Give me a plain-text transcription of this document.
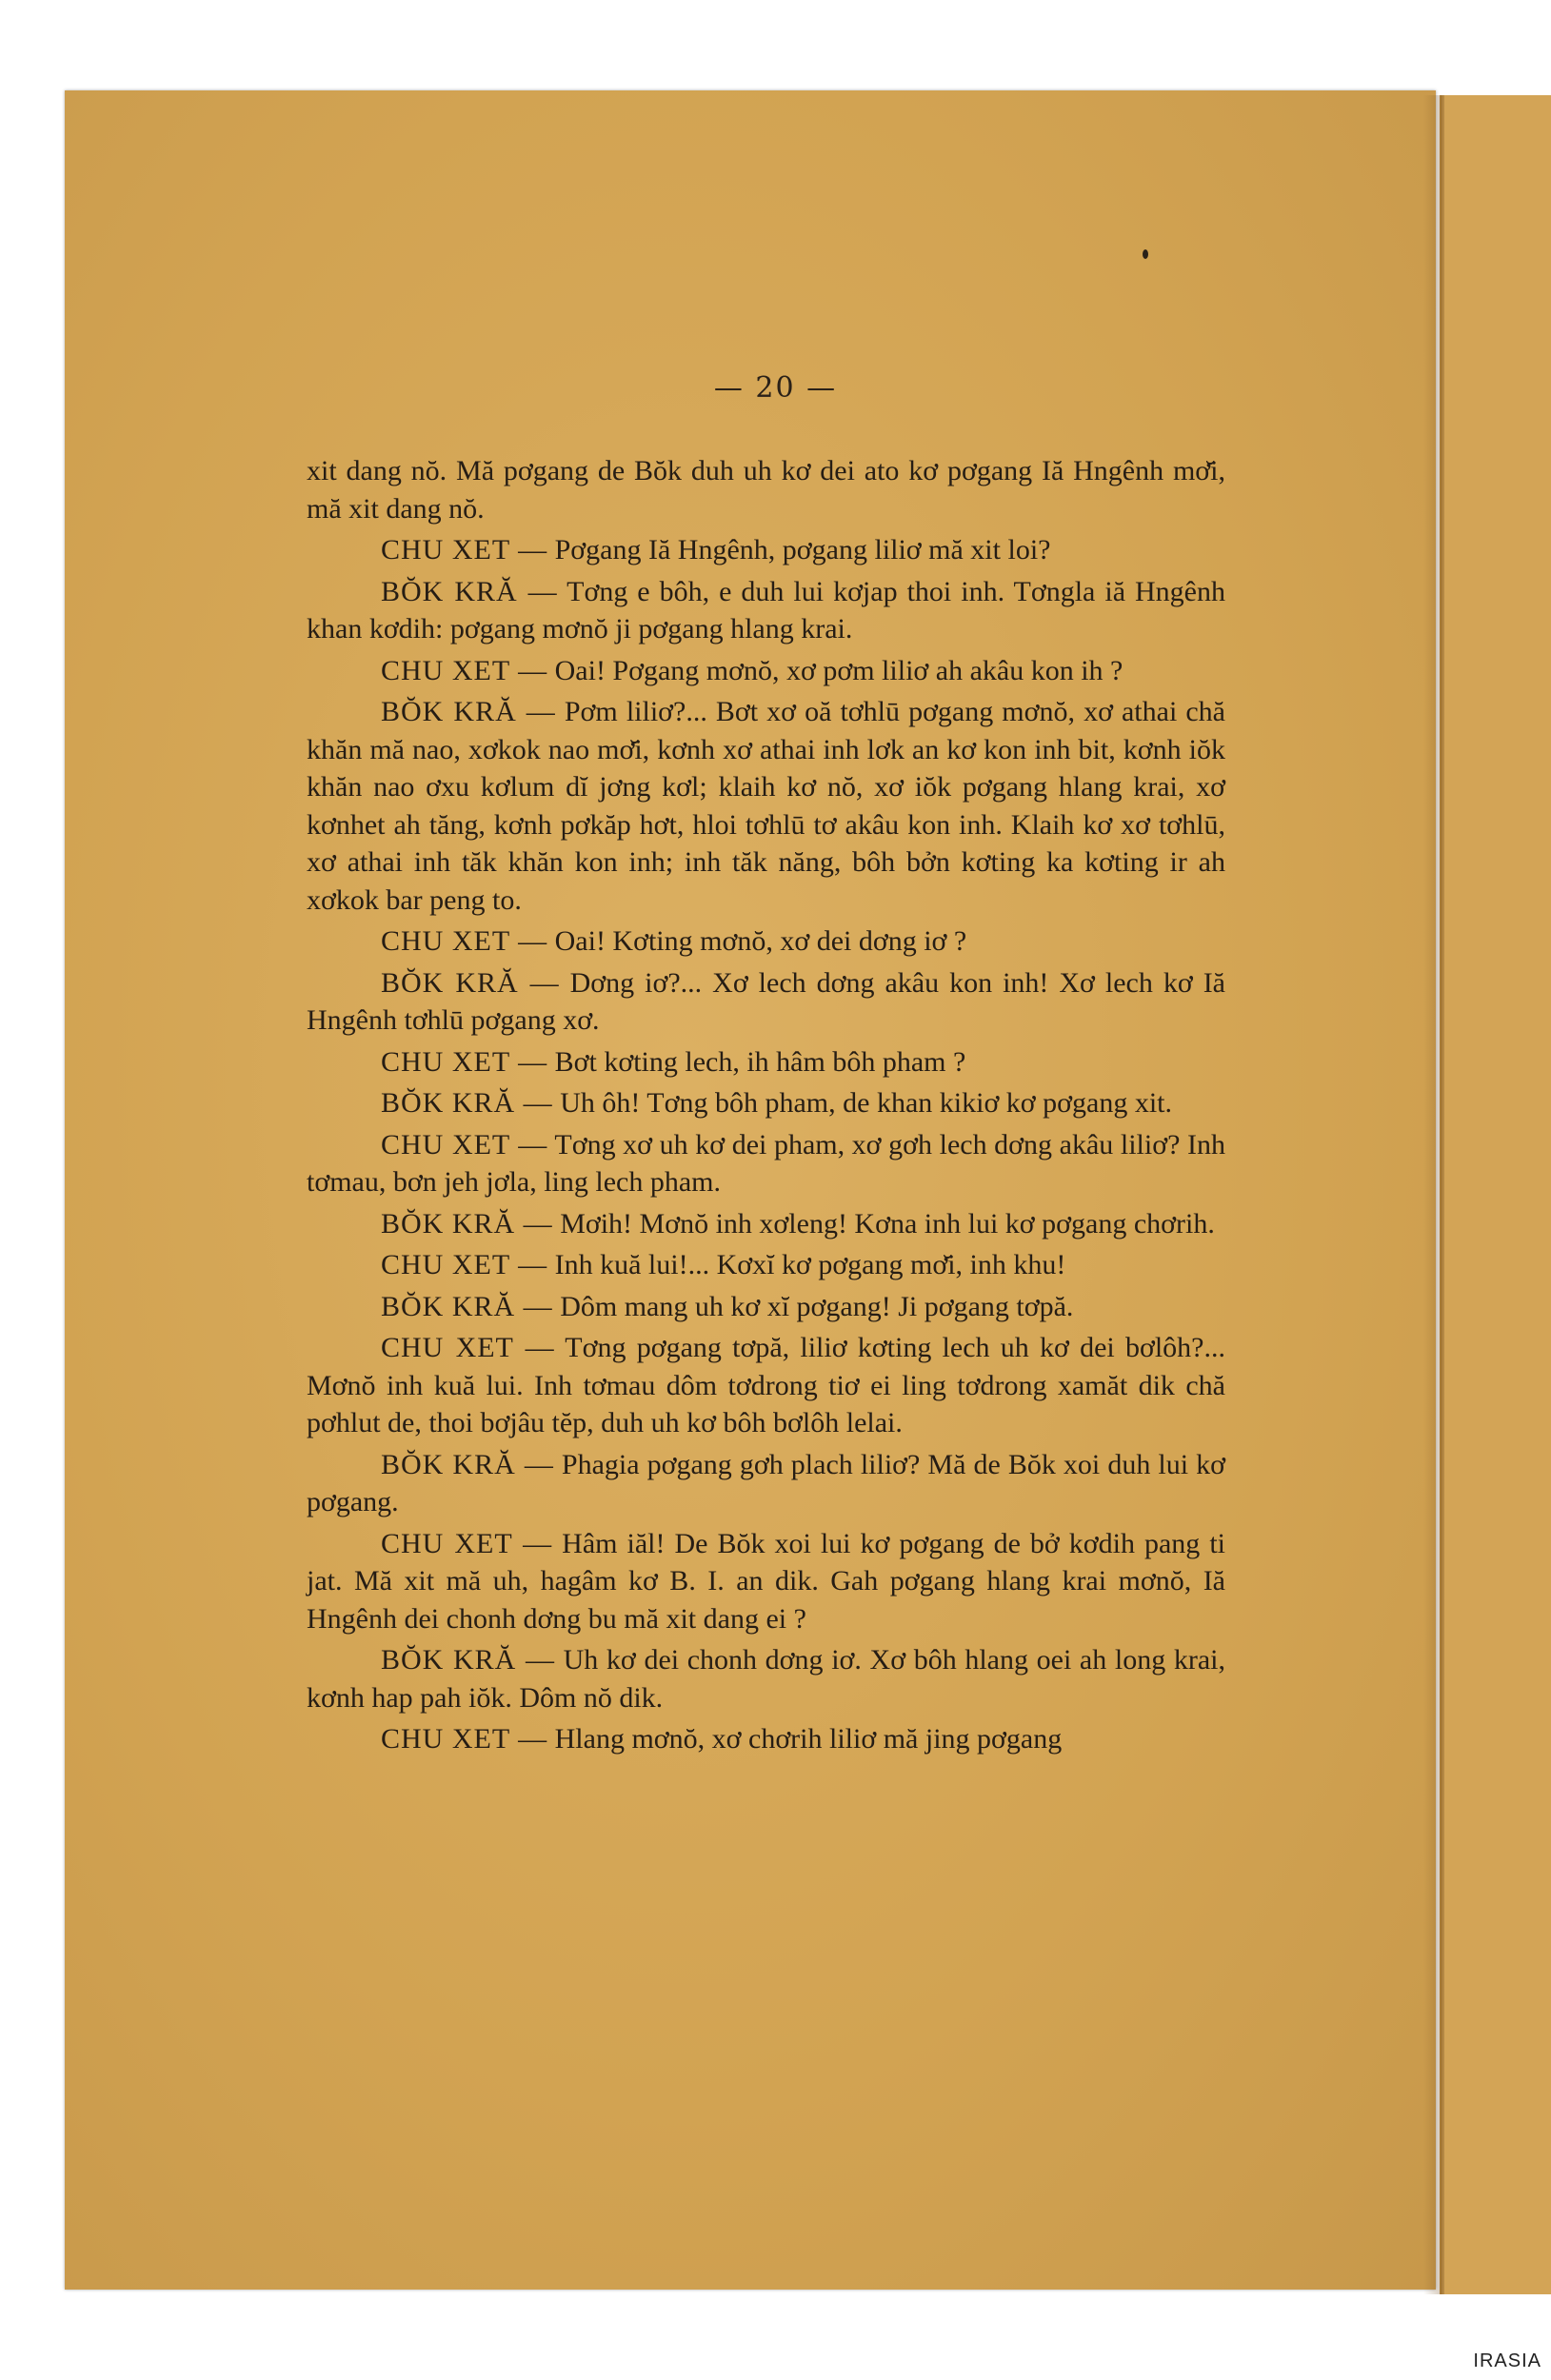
— 20 —

xit dang nŏ. Mă pơgang de Bŏk duh uh kơ dei ato kơ pơgang Iă Hngênh mơ̆i, mă xit dang nŏ.

CHU XET — Pơgang Iă Hngênh, pơgang liliơ mă xit loi?

BŎK KRĂ — Tơng e bôh, e duh lui kơjap thoi inh. Tơngla iă Hngênh khan kơdih: pơgang mơnŏ ji pơgang hlang krai.

CHU XET — Oai! Pơgang mơnŏ, xơ pơm liliơ ah akâu kon ih ?

BŎK KRĂ — Pơm liliơ?... Bơt xơ oă tơhlū pơgang mơnŏ, xơ athai chă khăn mă nao, xơkok nao mơ̆i, kơnh xơ athai inh lơk an kơ kon inh bit, kơnh iŏk khăn nao ơxu kơlum dĭ jơng kơl; klaih kơ nŏ, xơ iŏk pơgang hlang krai, xơ kơnhet ah tăng, kơnh pơkăp hơt, hloi tơhlū tơ akâu kon inh. Klaih kơ xơ tơhlū, xơ athai inh tăk khăn kon inh; inh tăk năng, bôh bởn kơting ka kơting ir ah xơkok bar peng to.

CHU XET — Oai! Kơting mơnŏ, xơ dei dơng iơ ?

BŎK KRĂ — Dơng iơ?... Xơ lech dơng akâu kon inh! Xơ lech kơ Iă Hngênh tơhlū pơgang xơ.

CHU XET — Bơt kơting lech, ih hâm bôh pham ?

BŎK KRĂ — Uh ôh! Tơng bôh pham, de khan kikiơ kơ pơgang xit.

CHU XET — Tơng xơ uh kơ dei pham, xơ gơh lech dơng akâu liliơ? Inh tơmau, bơn jeh jơla, ling lech pham.

BŎK KRĂ — Mơih! Mơnŏ inh xơleng! Kơna inh lui kơ pơgang chơrih.

CHU XET — Inh kuă lui!... Kơxĭ kơ pơgang mơ̆i, inh khu!

BŎK KRĂ — Dôm mang uh kơ xĭ pơgang! Ji pơgang tơpă.

CHU XET — Tơng pơgang tơpă, liliơ kơting lech uh kơ dei bơlôh?... Mơnŏ inh kuă lui. Inh tơmau dôm tơdrong tiơ ei ling tơdrong xamăt dik chă pơhlut de, thoi bơjâu tĕp, duh uh kơ bôh bơlôh lelai.

BŎK KRĂ — Phagia pơgang gơh plach liliơ? Mă de Bŏk xoi duh lui kơ pơgang.

CHU XET — Hâm iăl! De Bŏk xoi lui kơ pơgang de bở kơdih pang ti jat. Mă xit mă uh, hagâm kơ B. I. an dik. Gah pơgang hlang krai mơnŏ, Iă Hngênh dei chonh dơng bu mă xit dang ei ?

BŎK KRĂ — Uh kơ dei chonh dơng iơ. Xơ bôh hlang oei ah long krai, kơnh hap pah iŏk. Dôm nŏ dik.

CHU XET — Hlang mơnŏ, xơ chơrih liliơ mă jing pơgang

IRASIA
